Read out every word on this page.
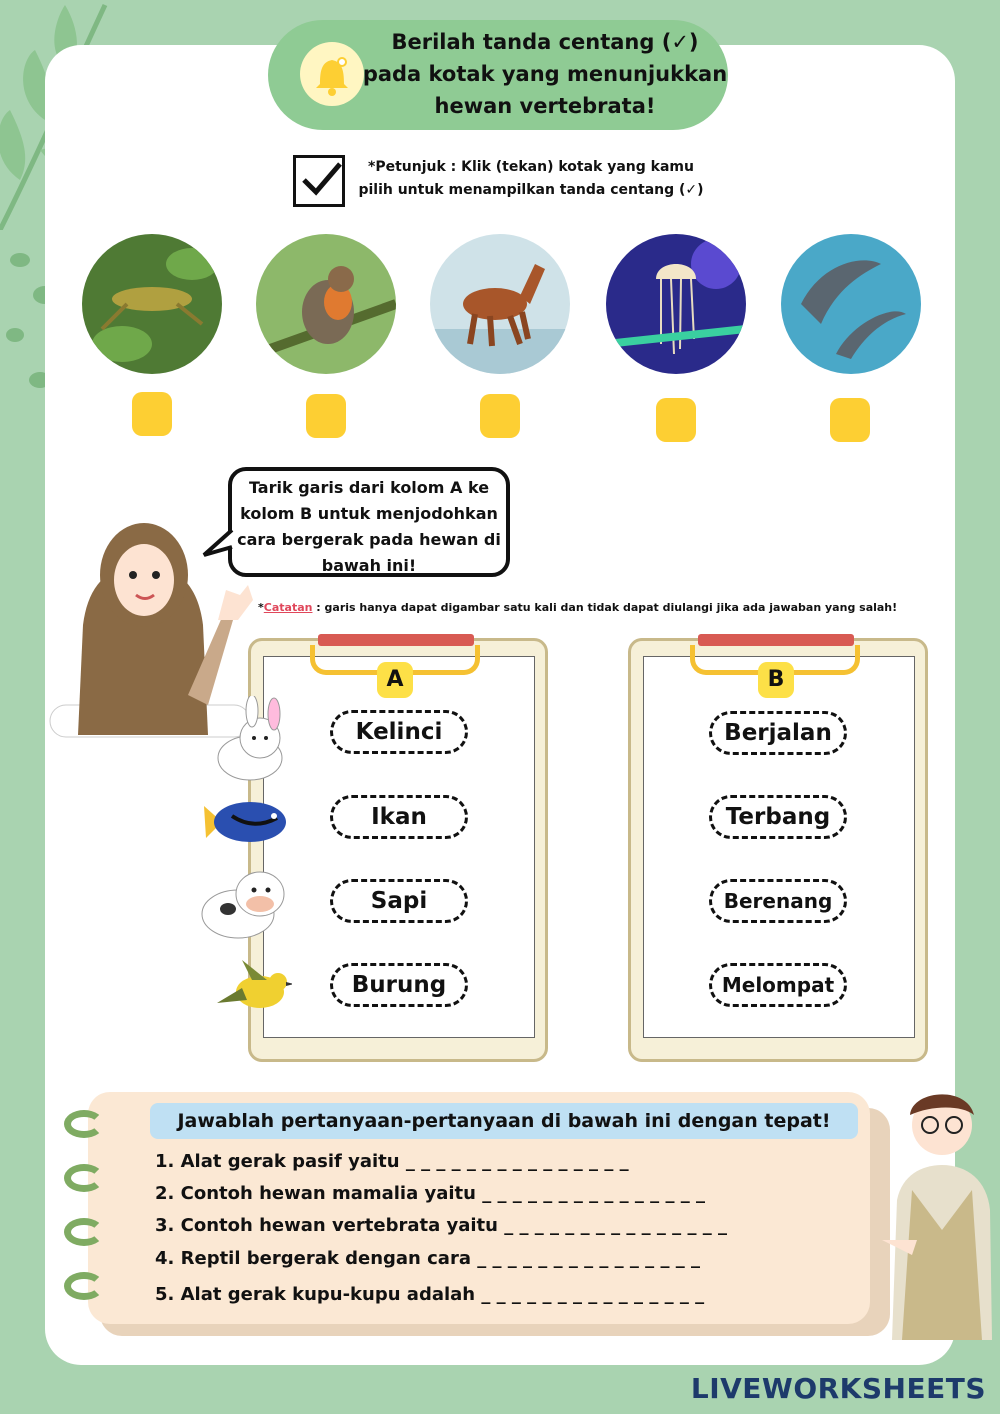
Berilah tanda centang (✓)
pada kotak yang menunjukkan
hewan vertebrata!
*Petunjuk : Klik (tekan) kotak yang kamu
pilih untuk menampilkan tanda centang (✓)
Tarik garis dari kolom A ke
kolom B untuk menjodohkan
cara bergerak pada hewan di
bawah ini!
*Catatan : garis hanya dapat digambar satu kali dan tidak dapat diulangi jika ada jawaban yang salah!
A
Kelinci
Ikan
Sapi
Burung
B
Berjalan
Terbang
Berenang
Melompat
Jawablah pertanyaan-pertanyaan di bawah ini dengan tepat!
1. Alat gerak pasif yaitu _ _ _ _ _ _ _ _ _ _ _ _ _ _ _
2. Contoh hewan mamalia yaitu _ _ _ _ _ _ _ _ _ _ _ _ _ _ _
3. Contoh hewan vertebrata yaitu _ _ _ _ _ _ _ _ _ _ _ _ _ _ _
4. Reptil bergerak dengan cara _ _ _ _ _ _ _ _ _ _ _ _ _ _ _
5. Alat gerak kupu-kupu adalah _ _ _ _ _ _ _ _ _ _ _ _ _ _ _
LIVEWORKSHEETS
